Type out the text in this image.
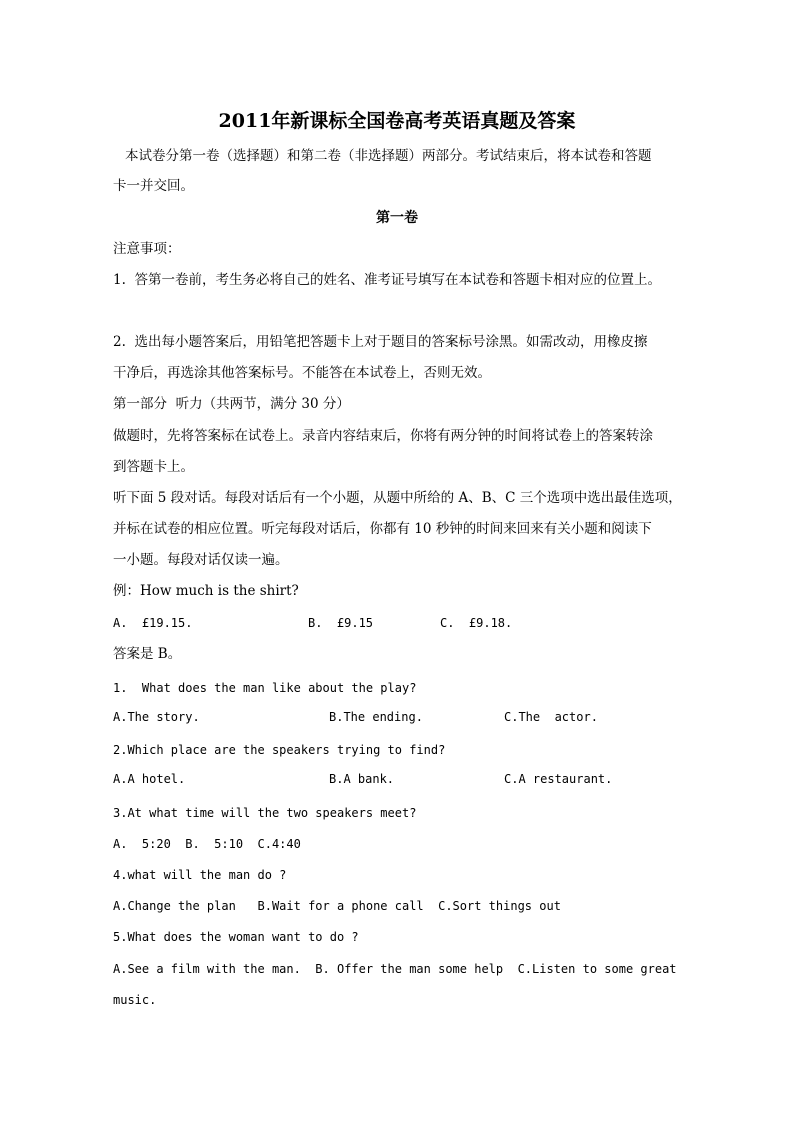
2011年新课标全国卷高考英语真题及答案
本试卷分第一卷（选择题）和第二卷（非选择题）两部分。考试结束后，将本试卷和答题
卡一并交回。
第一卷
注意事项：
1.  答第一卷前，考生务必将自己的姓名、准考证号填写在本试卷和答题卡相对应的位置上。
2.  选出每小题答案后，用铅笔把答题卡上对于题目的答案标号涂黑。如需改动，用橡皮擦
干净后，再选涂其他答案标号。不能答在本试卷上，否则无效。
第一部分  听力（共两节，满分 30 分）
做题时，先将答案标在试卷上。录音内容结束后，你将有两分钟的时间将试卷上的答案转涂
到答题卡上。
听下面 5 段对话。每段对话后有一个小题，从题中所给的 A、B、C 三个选项中选出最佳选项，
并标在试卷的相应位置。听完每段对话后，你都有 10 秒钟的时间来回来有关小题和阅读下
一小题。每段对话仅读一遍。
例：How much is the shirt?
A.  £19.15.	B.  £9.15	C.  £9.18.
答案是 B。
1.  What does the man like about the play?
A.The story.	B.The ending.	C.The  actor.
2.Which place are the speakers trying to find?
A.A hotel.	B.A bank.	C.A restaurant.
3.At what time will the two speakers meet?
A.  5:20  B.  5:10  C.4:40
4.what will the man do ?
A.Change the plan   B.Wait for a phone call  C.Sort things out
5.What does the woman want to do ?
A.See a film with the man.  B. Offer the man some help  C.Listen to some great
music.
